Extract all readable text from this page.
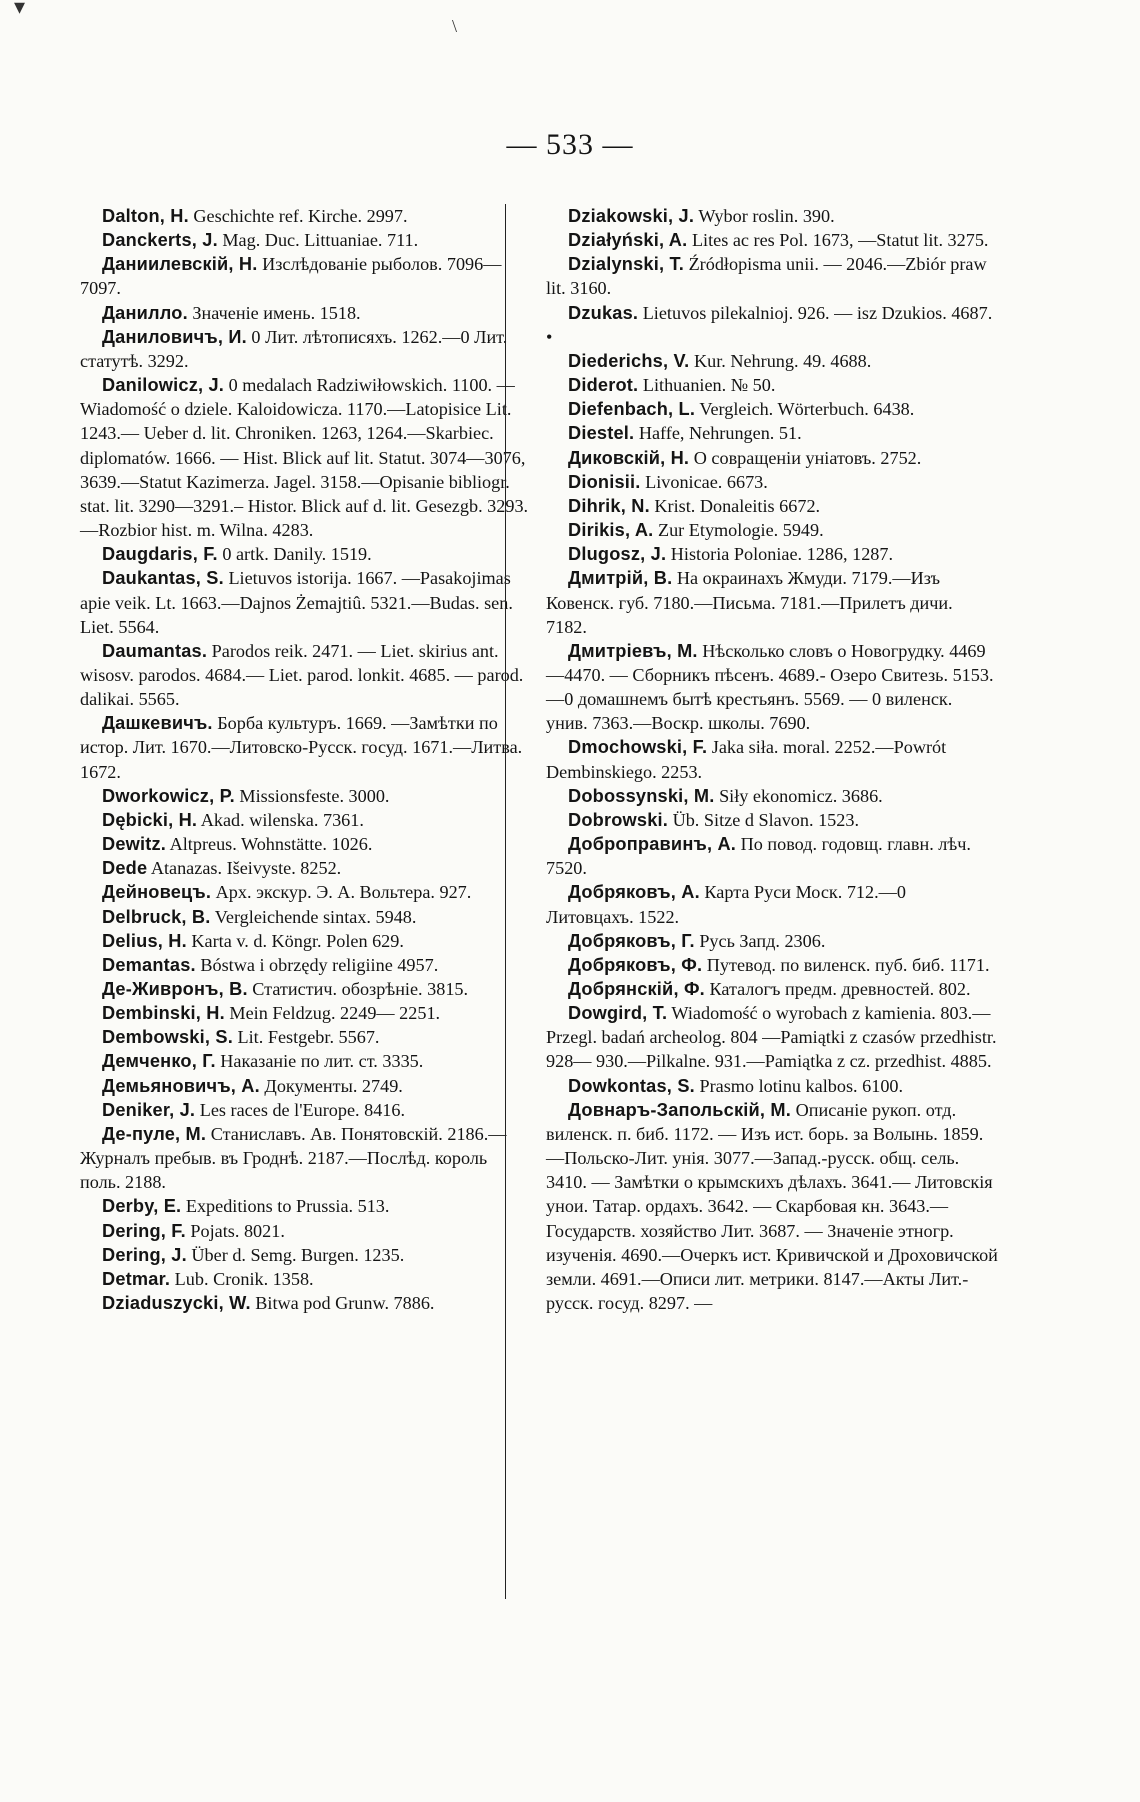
▾
\
— 533 —

Dalton, H. Geschichte ref. Kirche. 2997.

Danckerts, J. Mag. Duc. Littuaniae. 711.

Даниилевскій, Н. Изслѣдованіе рыболов. 7096—7097.

Данилло. Значеніе имень. 1518.

Даниловичъ, И. 0 Лит. лѣтописяхъ. 1262.—0 Лит. статутѣ. 3292.

Danilowicz, J. 0 medalach Radziwiłowskich. 1100. — Wiadomość o dziele. Kaloidowicza. 1170.—Latopisice Lit. 1243.— Ueber d. lit. Chroniken. 1263, 1264.—Skarbiec. diplomatów. 1666. — Hist. Blick auf lit. Statut. 3074—3076, 3639.—Statut Kazimerza. Jagel. 3158.—Opisanie bibliogr. stat. lit. 3290—3291.– Histor. Blick auf d. lit. Gesezgb. 3293.—Rozbior hist. m. Wilna. 4283.

Daugdaris, F. 0 artk. Danily. 1519.

Daukantas, S. Lietuvos istorija. 1667. —Pasakojimas apie veik. Lt. 1663.—Dajnos Żemajtiû. 5321.—Budas. sen. Liet. 5564.

Daumantas. Parodos reik. 2471. — Liet. skirius ant. wisosv. parodos. 4684.— Liet. parod. lonkit. 4685. — parod. dalikai. 5565.

Дашкевичъ. Борба культуръ. 1669. —Замѣтки по истор. Лит. 1670.—Литовско-Русск. госуд. 1671.—Литва. 1672.

Dworkowicz, P. Missionsfeste. 3000.

Dębicki, H. Akad. wilenska. 7361.

Dewitz. Altpreus. Wohnstätte. 1026.

Dede Atanazas. Išeivyste. 8252.

Дейновецъ. Арх. экскур. Э. А. Вольтера. 927.

Delbruck, B. Vergleichende sintax. 5948.

Delius, H. Karta v. d. Köngr. Polen 629.

Demantas. Bóstwa i obrzędy religiine 4957.

Де-Живронъ, В. Статистич. обозрѣніе. 3815.

Dembinski, H. Mein Feldzug. 2249— 2251.

Dembowski, S. Lit. Festgebr. 5567.

Демченко, Г. Наказаніе по лит. ст. 3335.

Демьяновичъ, А. Документы. 2749.

Deniker, J. Les races de l'Europe. 8416.

Де-пуле, М. Станиславъ. Ав. Понятовскій. 2186.—Журналъ пребыв. въ Гроднѣ. 2187.—Послѣд. король поль. 2188.

Derby, E. Expeditions to Prussia. 513.

Dering, F. Pojats. 8021.

Dering, J. Über d. Semg. Burgen. 1235.

Detmar. Lub. Cronik. 1358.

Dziaduszycki, W. Bitwa pod Grunw. 7886.

Dziakowski, J. Wybor roslin. 390.

Działyński, A. Lites ac res Pol. 1673, —Statut lit. 3275.

Dzialynski, T. Źródłopisma unii. — 2046.—Zbiór praw lit. 3160.

Dzukas. Lietuvos pilekalnioj. 926. — isz Dzukios. 4687. •

Diederichs, V. Kur. Nehrung. 49. 4688.

Diderot. Lithuanien. № 50.

Diefenbach, L. Vergleich. Wörterbuch. 6438.

Diestel. Haffe, Nehrungen. 51.

Диковскій, Н. О совращеніи уніатовъ. 2752.

Dionisii. Livonicae. 6673.

Dihrik, N. Krist. Donaleitis 6672.

Dirikis, A. Zur Etymologie. 5949.

Dlugosz, J. Historia Poloniae. 1286, 1287.

Дмитрій, В. На окраинахъ Жмуди. 7179.—Изъ Ковенск. губ. 7180.—Письма. 7181.—Прилетъ дичи. 7182.

Дмитріевъ, М. Нѣсколько словъ о Новогрудку. 4469—4470. — Сборникъ пѣсенъ. 4689.- Озеро Свитезь. 5153.—0 домашнемъ бытѣ крестьянъ. 5569. — 0 виленск. унив. 7363.—Воскр. школы. 7690.

Dmochowski, F. Jaka siła. moral. 2252.—Powrót Dembinskiego. 2253.

Dobossynski, M. Siły ekonomicz. 3686.

Dobrowski. Üb. Sitze d Slavon. 1523.

Доброправинъ, А. По повод. годовщ. главн. лѣч. 7520.

Добряковъ, А. Карта Руси Моск. 712.—0 Литовцахъ. 1522.

Добряковъ, Г. Русь Запд. 2306.

Добряковъ, Ф. Путевод. по виленск. пуб. биб. 1171.

Добрянскій, Ф. Каталогъ предм. древностей. 802.

Dowgird, T. Wiadomość o wyrobach z kamienia. 803.—Przegl. badań archeolog. 804 —Pamiątki z czasów przedhistr. 928— 930.—Pilkalne. 931.—Pamiątka z cz. przedhist. 4885.

Dowkontas, S. Prasmo lotinu kalbos. 6100.

Довнаръ-Запольскій, М. Описаніе рукоп. отд. виленск. п. биб. 1172. — Изъ ист. борь. за Волынь. 1859.—Польско-Лит. унія. 3077.—Запад.-русск. общ. сель. 3410. — Замѣтки о крымскихъ дѣлахъ. 3641.— Литовскія унои. Татар. ордахъ. 3642. — Скарбовая кн. 3643.—Государств. хозяйство Лит. 3687. — Значеніе этногр. изученія. 4690.—Очеркъ ист. Кривичской и Дроховичской земли. 4691.—Описи лит. метрики. 8147.—Акты Лит.-русск. госуд. 8297. —
